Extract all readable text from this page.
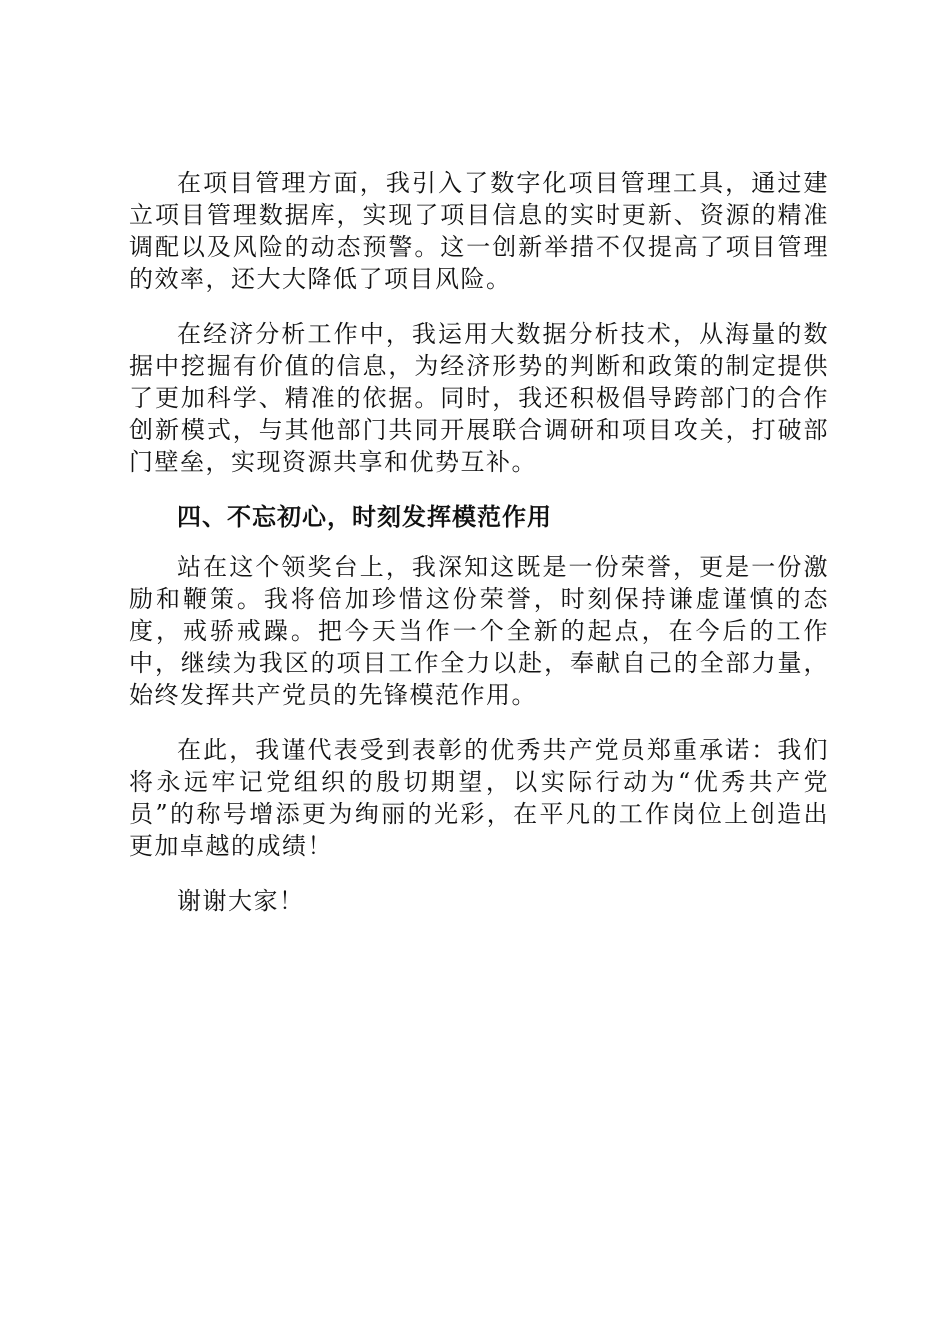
在项目管理方面，我引入了数字化项目管理工具，通过建立项目管理数据库，实现了项目信息的实时更新、资源的精准调配以及风险的动态预警。这一创新举措不仅提高了项目管理的效率，还大大降低了项目风险。

在经济分析工作中，我运用大数据分析技术，从海量的数据中挖掘有价值的信息，为经济形势的判断和政策的制定提供了更加科学、精准的依据。同时，我还积极倡导跨部门的合作创新模式，与其他部门共同开展联合调研和项目攻关，打破部门壁垒，实现资源共享和优势互补。

四、不忘初心，时刻发挥模范作用

站在这个领奖台上，我深知这既是一份荣誉，更是一份激励和鞭策。我将倍加珍惜这份荣誉，时刻保持谦虚谨慎的态度，戒骄戒躁。把今天当作一个全新的起点，在今后的工作中，继续为我区的项目工作全力以赴，奉献自己的全部力量，始终发挥共产党员的先锋模范作用。

在此，我谨代表受到表彰的优秀共产党员郑重承诺：我们将永远牢记党组织的殷切期望，以实际行动为“优秀共产党员”的称号增添更为绚丽的光彩，在平凡的工作岗位上创造出更加卓越的成绩！

谢谢大家！
